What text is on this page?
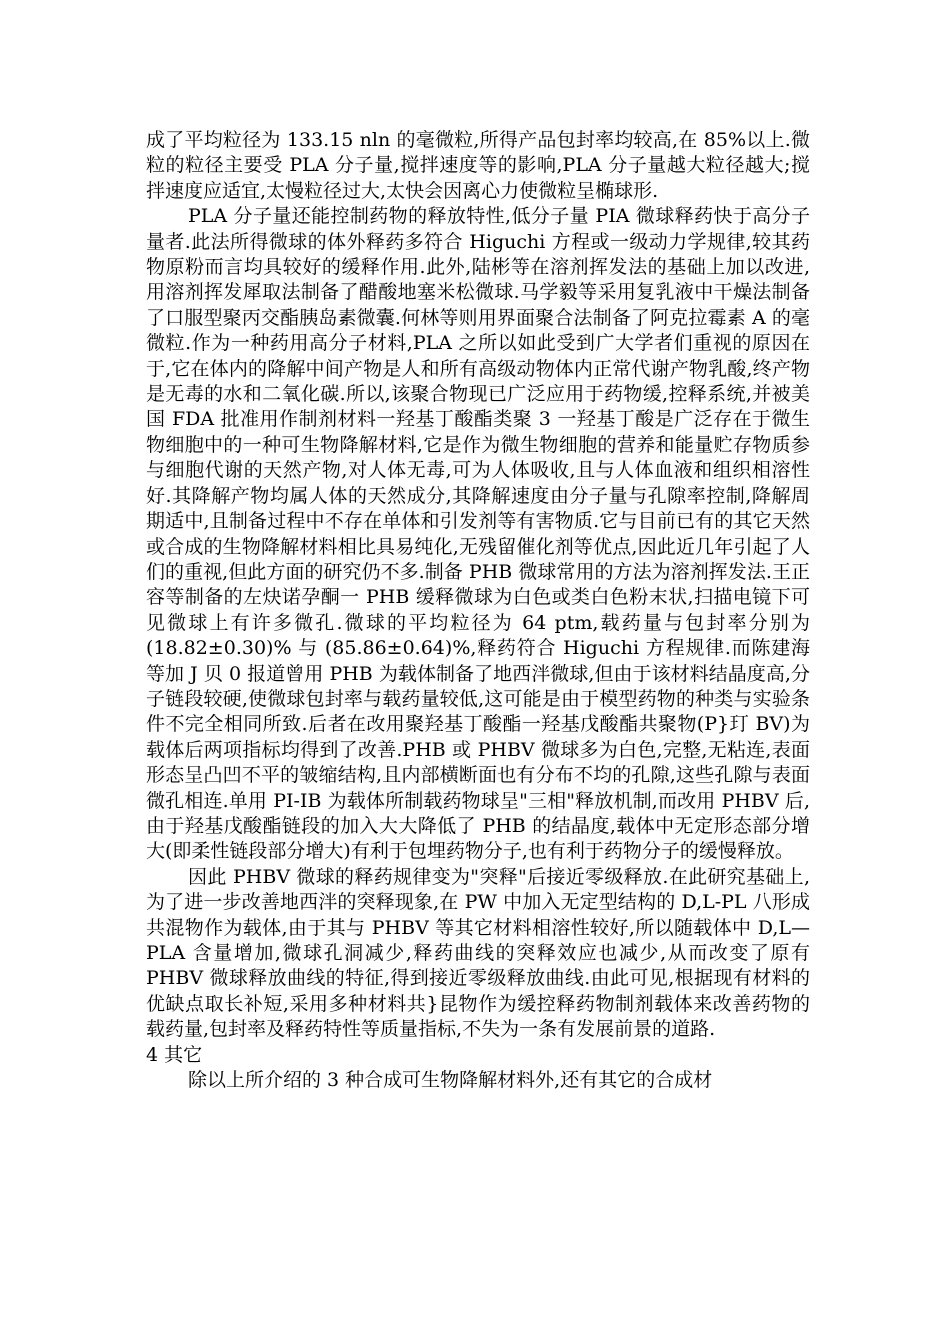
成了平均粒径为 133.15 nln 的毫微粒,所得产品包封率均较高,在 85%以上.微粒的粒径主要受 PLA 分子量,搅拌速度等的影响,PLA 分子量越大粒径越大;搅拌速度应适宜,太慢粒径过大,太快会因离心力使微粒呈椭球形.

PLA 分子量还能控制药物的释放特性,低分子量 PIA 微球释药快于高分子量者.此法所得微球的体外释药多符合 Higuchi 方程或一级动力学规律,较其药物原粉而言均具较好的缓释作用.此外,陆彬等在溶剂挥发法的基础上加以改进,用溶剂挥发犀取法制备了醋酸地塞米松微球.马学毅等采用复乳液中干燥法制备了口服型聚丙交酯胰岛素微囊.何林等则用界面聚合法制备了阿克拉霉素 A 的毫微粒.作为一种药用高分子材料,PLA 之所以如此受到广大学者们重视的原因在于,它在体内的降解中间产物是人和所有高级动物体内正常代谢产物乳酸,终产物是无毒的水和二氧化碳.所以,该聚合物现已广泛应用于药物缓,控释系统,并被美国 FDA 批准用作制剂材料一羟基丁酸酯类聚 3 一羟基丁酸是广泛存在于微生物细胞中的一种可生物降解材料,它是作为微生物细胞的营养和能量贮存物质参与细胞代谢的天然产物,对人体无毒,可为人体吸收,且与人体血液和组织相溶性好.其降解产物均属人体的天然成分,其降解速度由分子量与孔隙率控制,降解周期适中,且制备过程中不存在单体和引发剂等有害物质.它与目前已有的其它天然或合成的生物降解材料相比具易纯化,无残留催化剂等优点,因此近几年引起了人们的重视,但此方面的研究仍不多.制备 PHB 微球常用的方法为溶剂挥发法.王正容等制备的左炔诺孕酮一 PHB 缓释微球为白色或类白色粉末状,扫描电镜下可见微球上有许多微孔.微球的平均粒径为 64 ptm,载药量与包封率分别为 (18.82±0.30)% 与 (85.86±0.64)%,释药符合 Higuchi 方程规律.而陈建海等加 J 贝 0 报道曾用 PHB 为载体制备了地西泮微球,但由于该材料结晶度高,分子链段较硬,使微球包封率与载药量较低,这可能是由于模型药物的种类与实验条件不完全相同所致.后者在改用聚羟基丁酸酯一羟基戊酸酯共聚物(P}玎 BV)为载体后两项指标均得到了改善.PHB 或 PHBV 微球多为白色,完整,无粘连,表面形态呈凸凹不平的皱缩结构,且内部横断面也有分布不均的孔隙,这些孔隙与表面微孔相连.单用 PI-IB 为载体所制载药物球呈"三相"释放机制,而改用 PHBV 后,由于羟基戊酸酯链段的加入大大降低了 PHB 的结晶度,载体中无定形态部分增大(即柔性链段部分增大)有利于包埋药物分子,也有利于药物分子的缓慢释放。

因此 PHBV 微球的释药规律变为"突释"后接近零级释放.在此研究基础上,为了进一步改善地西泮的突释现象,在 PW 中加入无定型结构的 D,L-PL 八形成共混物作为载体,由于其与 PHBV 等其它材料相溶性较好,所以随载体中 D,L—PLA 含量增加,微球孔洞减少,释药曲线的突释效应也减少,从而改变了原有 PHBV 微球释放曲线的特征,得到接近零级释放曲线.由此可见,根据现有材料的优缺点取长补短,采用多种材料共}昆物作为缓控释药物制剂载体来改善药物的载药量,包封率及释药特性等质量指标,不失为一条有发展前景的道路.

4 其它

除以上所介绍的 3 种合成可生物降解材料外,还有其它的合成材
